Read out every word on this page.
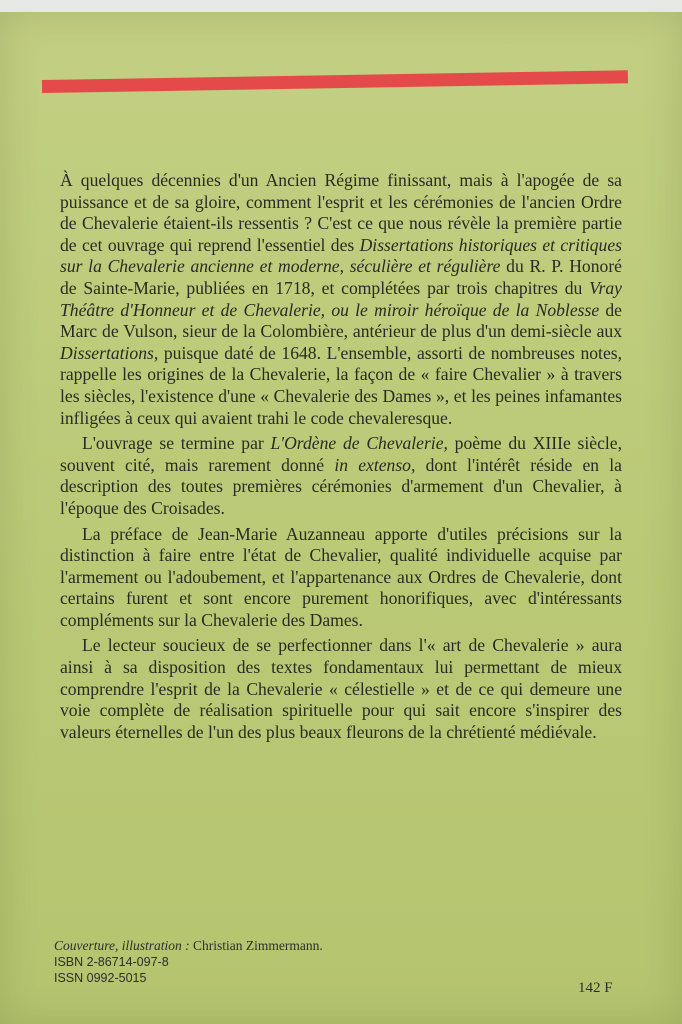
À quelques décennies d'un Ancien Régime finissant, mais à l'apogée de sa puissance et de sa gloire, comment l'esprit et les cérémonies de l'ancien Ordre de Chevalerie étaient-ils ressentis ? C'est ce que nous révèle la première partie de cet ouvrage qui reprend l'essentiel des Dissertations historiques et critiques sur la Chevalerie ancienne et moderne, séculière et régulière du R. P. Honoré de Sainte-Marie, publiées en 1718, et complétées par trois chapitres du Vray Théâtre d'Honneur et de Chevalerie, ou le miroir héroïque de la Noblesse de Marc de Vulson, sieur de la Colombière, antérieur de plus d'un demi-siècle aux Dissertations, puisque daté de 1648. L'ensemble, assorti de nombreuses notes, rappelle les origines de la Chevalerie, la façon de « faire Chevalier » à travers les siècles, l'existence d'une « Chevalerie des Dames », et les peines infamantes infligées à ceux qui avaient trahi le code chevaleresque.

L'ouvrage se termine par L'Ordène de Chevalerie, poème du XIIIe siècle, souvent cité, mais rarement donné in extenso, dont l'intérêt réside en la description des toutes premières cérémonies d'armement d'un Chevalier, à l'époque des Croisades.

La préface de Jean-Marie Auzanneau apporte d'utiles précisions sur la distinction à faire entre l'état de Chevalier, qualité individuelle acquise par l'armement ou l'adoubement, et l'appartenance aux Ordres de Chevalerie, dont certains furent et sont encore purement honorifiques, avec d'intéressants compléments sur la Chevalerie des Dames.

Le lecteur soucieux de se perfectionner dans l'« art de Chevalerie » aura ainsi à sa disposition des textes fondamentaux lui permettant de mieux comprendre l'esprit de la Chevalerie « célestielle » et de ce qui demeure une voie complète de réalisation spirituelle pour qui sait encore s'inspirer des valeurs éternelles de l'un des plus beaux fleurons de la chrétienté médiévale.

Couverture, illustration : Christian Zimmermann.
ISBN 2-86714-097-8
ISSN 0992-5015
142 F
